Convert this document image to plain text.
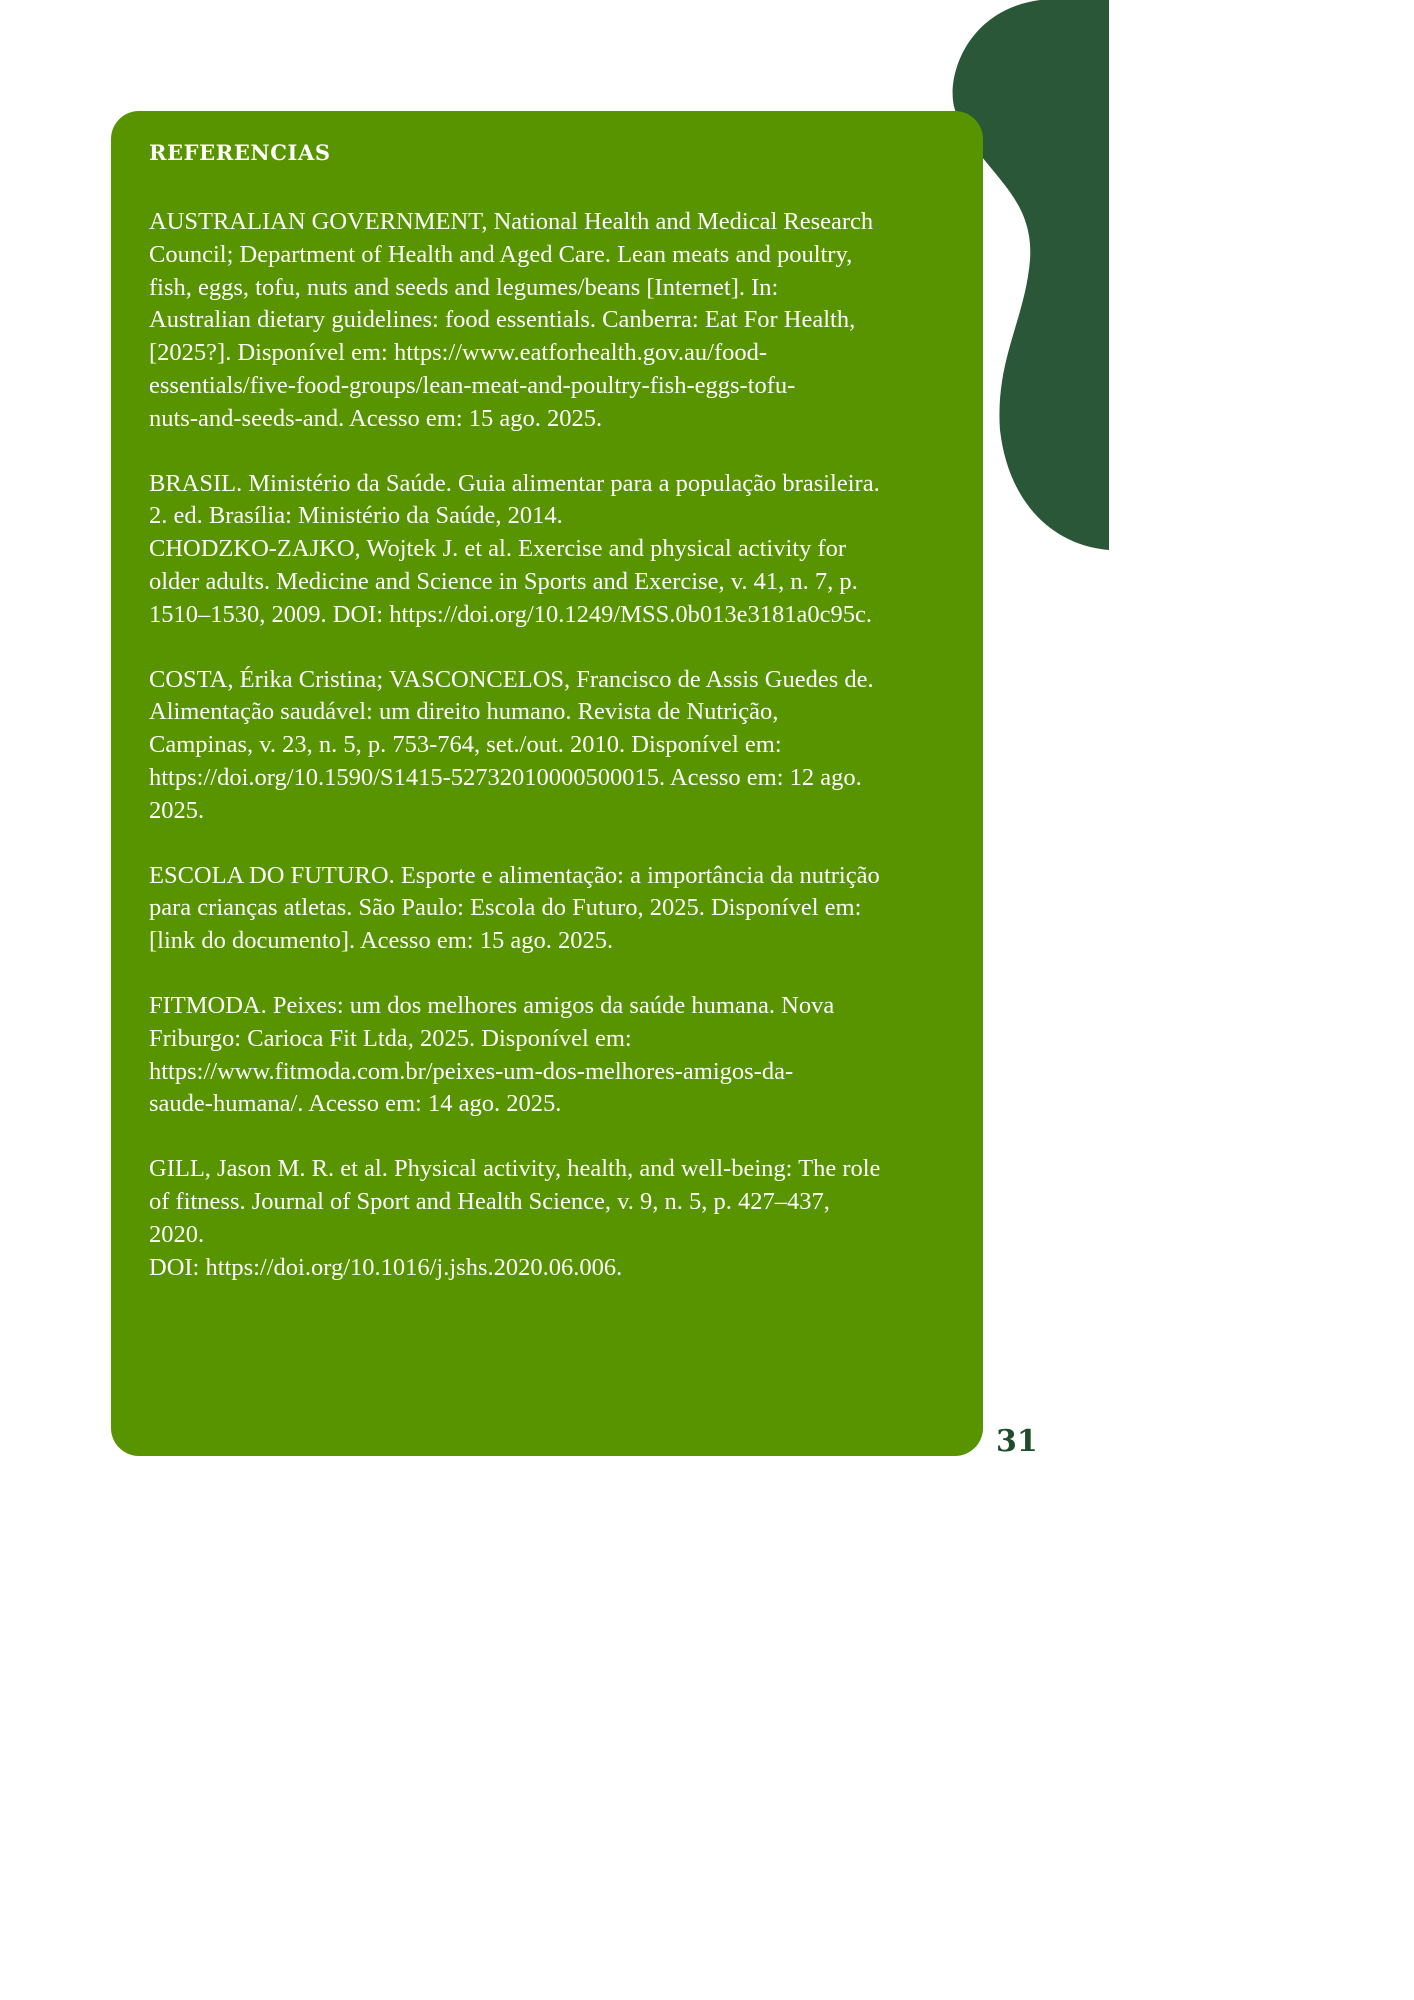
REFERENCIAS
AUSTRALIAN GOVERNMENT, National Health and Medical Research
Council; Department of Health and Aged Care. Lean meats and poultry,
fish, eggs, tofu, nuts and seeds and legumes/beans [Internet]. In:
Australian dietary guidelines: food essentials. Canberra: Eat For Health,
[2025?]. Disponível em: https://www.eatforhealth.gov.au/food-
essentials/five-food-groups/lean-meat-and-poultry-fish-eggs-tofu-
nuts-and-seeds-and. Acesso em: 15 ago. 2025.
BRASIL. Ministério da Saúde. Guia alimentar para a população brasileira.
2. ed. Brasília: Ministério da Saúde, 2014.
CHODZKO-ZAJKO, Wojtek J. et al. Exercise and physical activity for
older adults. Medicine and Science in Sports and Exercise, v. 41, n. 7, p.
1510–1530, 2009. DOI: https://doi.org/10.1249/MSS.0b013e3181a0c95c.
COSTA, Érika Cristina; VASCONCELOS, Francisco de Assis Guedes de.
Alimentação saudável: um direito humano. Revista de Nutrição,
Campinas, v. 23, n. 5, p. 753-764, set./out. 2010. Disponível em:
https://doi.org/10.1590/S1415-52732010000500015. Acesso em: 12 ago.
2025.
ESCOLA DO FUTURO. Esporte e alimentação: a importância da nutrição
para crianças atletas. São Paulo: Escola do Futuro, 2025. Disponível em:
[link do documento]. Acesso em: 15 ago. 2025.
FITMODA. Peixes: um dos melhores amigos da saúde humana. Nova
Friburgo: Carioca Fit Ltda, 2025. Disponível em:
https://www.fitmoda.com.br/peixes-um-dos-melhores-amigos-da-
saude-humana/. Acesso em: 14 ago. 2025.
GILL, Jason M. R. et al. Physical activity, health, and well-being: The role
of fitness. Journal of Sport and Health Science, v. 9, n. 5, p. 427–437,
2020.
DOI: https://doi.org/10.1016/j.jshs.2020.06.006.
31
